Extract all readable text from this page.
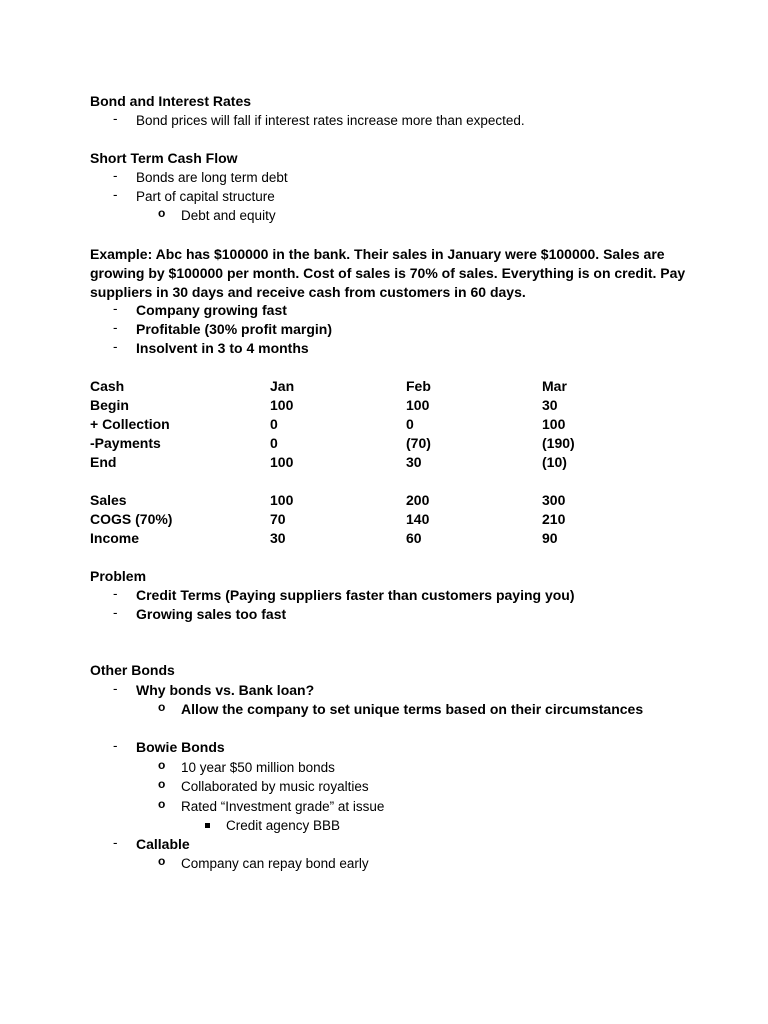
Bond and Interest Rates
- Bond prices will fall if interest rates increase more than expected.
Short Term Cash Flow
- Bonds are long term debt
- Part of capital structure
o Debt and equity
Example: Abc has $100000 in the bank. Their sales in January were $100000. Sales are
growing by $100000 per month. Cost of sales is 70% of sales. Everything is on credit. Pay
suppliers in 30 days and receive cash from customers in 60 days.
- Company growing fast
- Profitable (30% profit margin)
- Insolvent in 3 to 4 months
Cash	Jan	Feb	Mar
Begin	100	100	30
+ Collection	0	0	100
-Payments	0	(70)	(190)
End	100	30	(10)
Sales	100	200	300
COGS (70%)	70	140	210
Income	30	60	90
Problem
- Credit Terms (Paying suppliers faster than customers paying you)
- Growing sales too fast
Other Bonds
- Why bonds vs. Bank loan?
o Allow the company to set unique terms based on their circumstances
- Bowie Bonds
o 10 year $50 million bonds
o Collaborated by music royalties
o Rated “Investment grade” at issue
Credit agency BBB
- Callable
o Company can repay bond early
